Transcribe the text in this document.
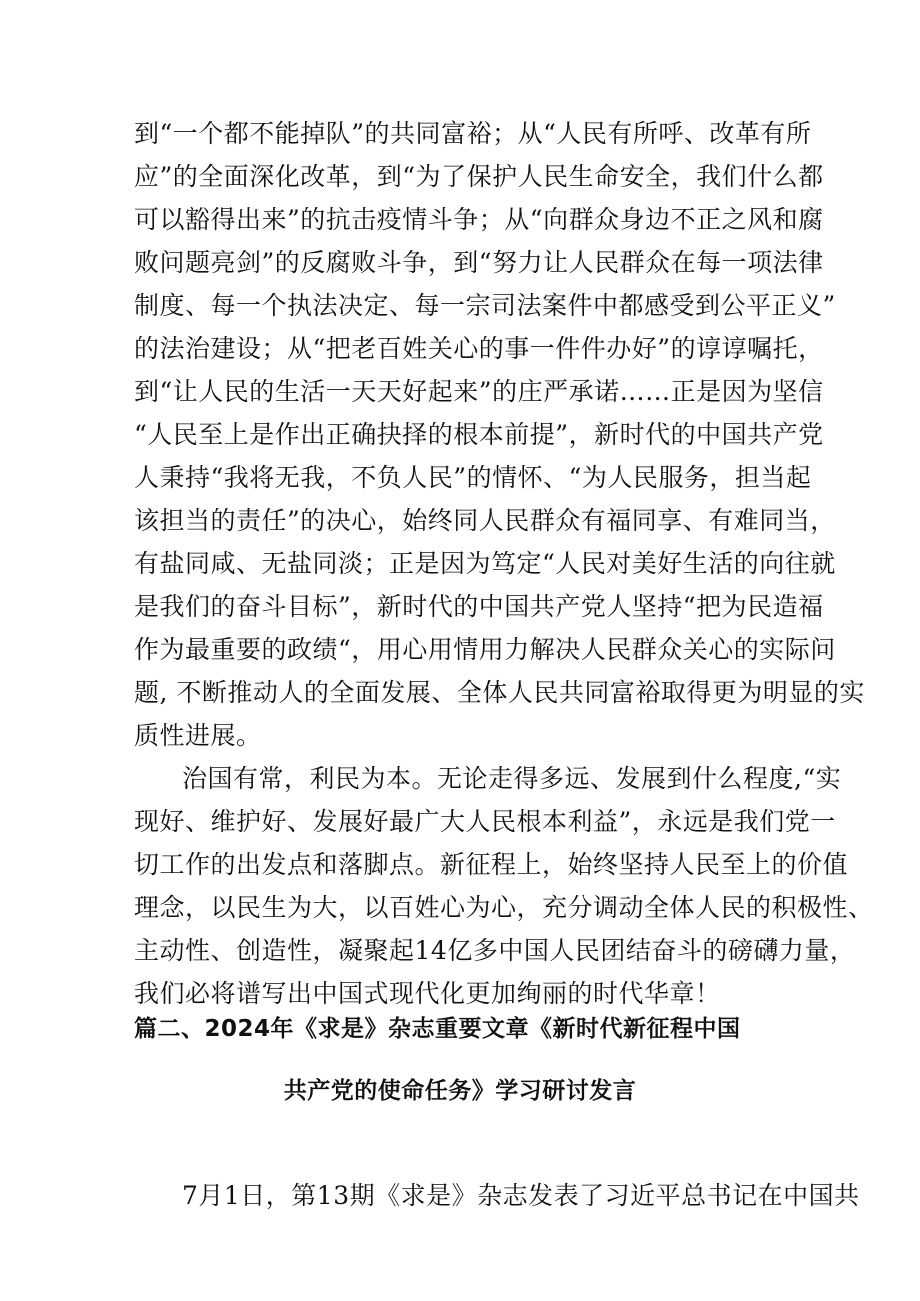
到“一个都不能掉队”的共同富裕；从“人民有所呼、改革有所
应”的全面深化改革，到“为了保护人民生命安全，我们什么都
可以豁得出来”的抗击疫情斗争；从“向群众身边不正之风和腐
败问题亮剑”的反腐败斗争，到“努力让人民群众在每一项法律
制度、每一个执法决定、每一宗司法案件中都感受到公平正义”
的法治建设；从“把老百姓关心的事一件件办好”的谆谆嘱托，
到“让人民的生活一天天好起来”的庄严承诺……正是因为坚信
“人民至上是作出正确抉择的根本前提”，新时代的中国共产党
人秉持“我将无我，不负人民”的情怀、“为人民服务，担当起
该担当的责任”的决心，始终同人民群众有福同享、有难同当，
有盐同咸、无盐同淡；正是因为笃定“人民对美好生活的向往就
是我们的奋斗目标”，新时代的中国共产党人坚持“把为民造福
作为最重要的政绩“，用心用情用力解决人民群众关心的实际问
题, 不断推动人的全面发展、全体人民共同富裕取得更为明显的实
质性进展。
治国有常，利民为本。无论走得多远、发展到什么程度,“实
现好、维护好、发展好最广大人民根本利益”，永远是我们党一
切工作的出发点和落脚点。新征程上，始终坚持人民至上的价值
理念，以民生为大，以百姓心为心，充分调动全体人民的积极性、
主动性、创造性，凝聚起14亿多中国人民团结奋斗的磅礴力量，
我们必将谱写出中国式现代化更加绚丽的时代华章！
篇二、2024年《求是》杂志重要文章《新时代新征程中国
共产党的使命任务》学习研讨发言
7月1日，第13期《求是》杂志发表了习近平总书记在中国共
